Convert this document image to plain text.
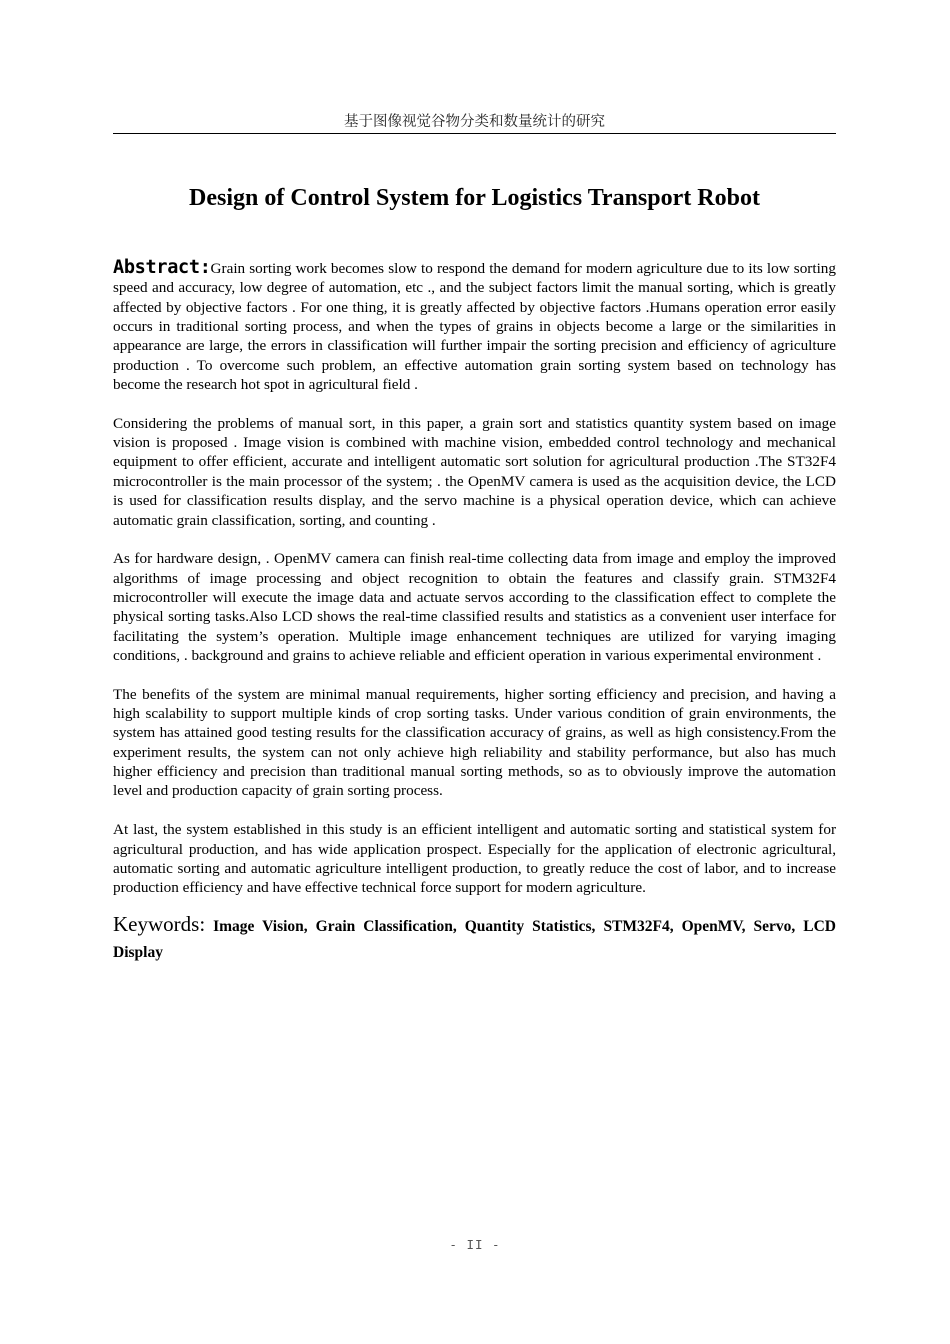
基于图像视觉谷物分类和数量统计的研究
Design of Control System for Logistics Transport Robot

Abstract:Grain sorting work becomes slow to respond the demand for modern agriculture due to its low sorting speed and accuracy, low degree of automation, etc ., and the subject factors limit the manual sorting, which is greatly affected by objective factors . For one thing, it is greatly affected by objective factors .Humans operation error easily occurs in traditional sorting process, and when the types of grains in objects become a large or the similarities in appearance are large, the errors in classification will further impair the sorting precision and efficiency of agriculture production . To overcome such problem, an effective automation grain sorting system based on technology has become the research hot spot in agricultural field .

Considering the problems of manual sort, in this paper, a grain sort and statistics quantity system based on image vision is proposed . Image vision is combined with machine vision, embedded control technology and mechanical equipment to offer efficient, accurate and intelligent automatic sort solution for agricultural production .The ST32F4 microcontroller is the main processor of the system; . the OpenMV camera is used as the acquisition device, the LCD is used for classification results display, and the servo machine is a physical operation device, which can achieve automatic grain classification, sorting, and counting .

As for hardware design, . OpenMV camera can finish real-time collecting data from image and employ the improved algorithms of image processing and object recognition to obtain the features and classify grain. STM32F4 microcontroller will execute the image data and actuate servos according to the classification effect to complete the physical sorting tasks.Also LCD shows the real-time classified results and statistics as a convenient user interface for facilitating the system’s operation. Multiple image enhancement techniques are utilized for varying imaging conditions, . background and grains to achieve reliable and efficient operation in various experimental environment .

The benefits of the system are minimal manual requirements, higher sorting efficiency and precision, and having a high scalability to support multiple kinds of crop sorting tasks. Under various condition of grain environments, the system has attained good testing results for the classification accuracy of grains, as well as high consistency.From the experiment results, the system can not only achieve high reliability and stability performance, but also has much higher efficiency and precision than traditional manual sorting methods, so as to obviously improve the automation level and production capacity of grain sorting process.

At last, the system established in this study is an efficient intelligent and automatic sorting and statistical system for agricultural production, and has wide application prospect. Especially for the application of electronic agricultural, automatic sorting and automatic agriculture intelligent production, to greatly reduce the cost of labor, and to increase production efficiency and have effective technical force support for modern agriculture.

Keywords: Image Vision, Grain Classification, Quantity Statistics, STM32F4, OpenMV, Servo, LCD Display
- II -
